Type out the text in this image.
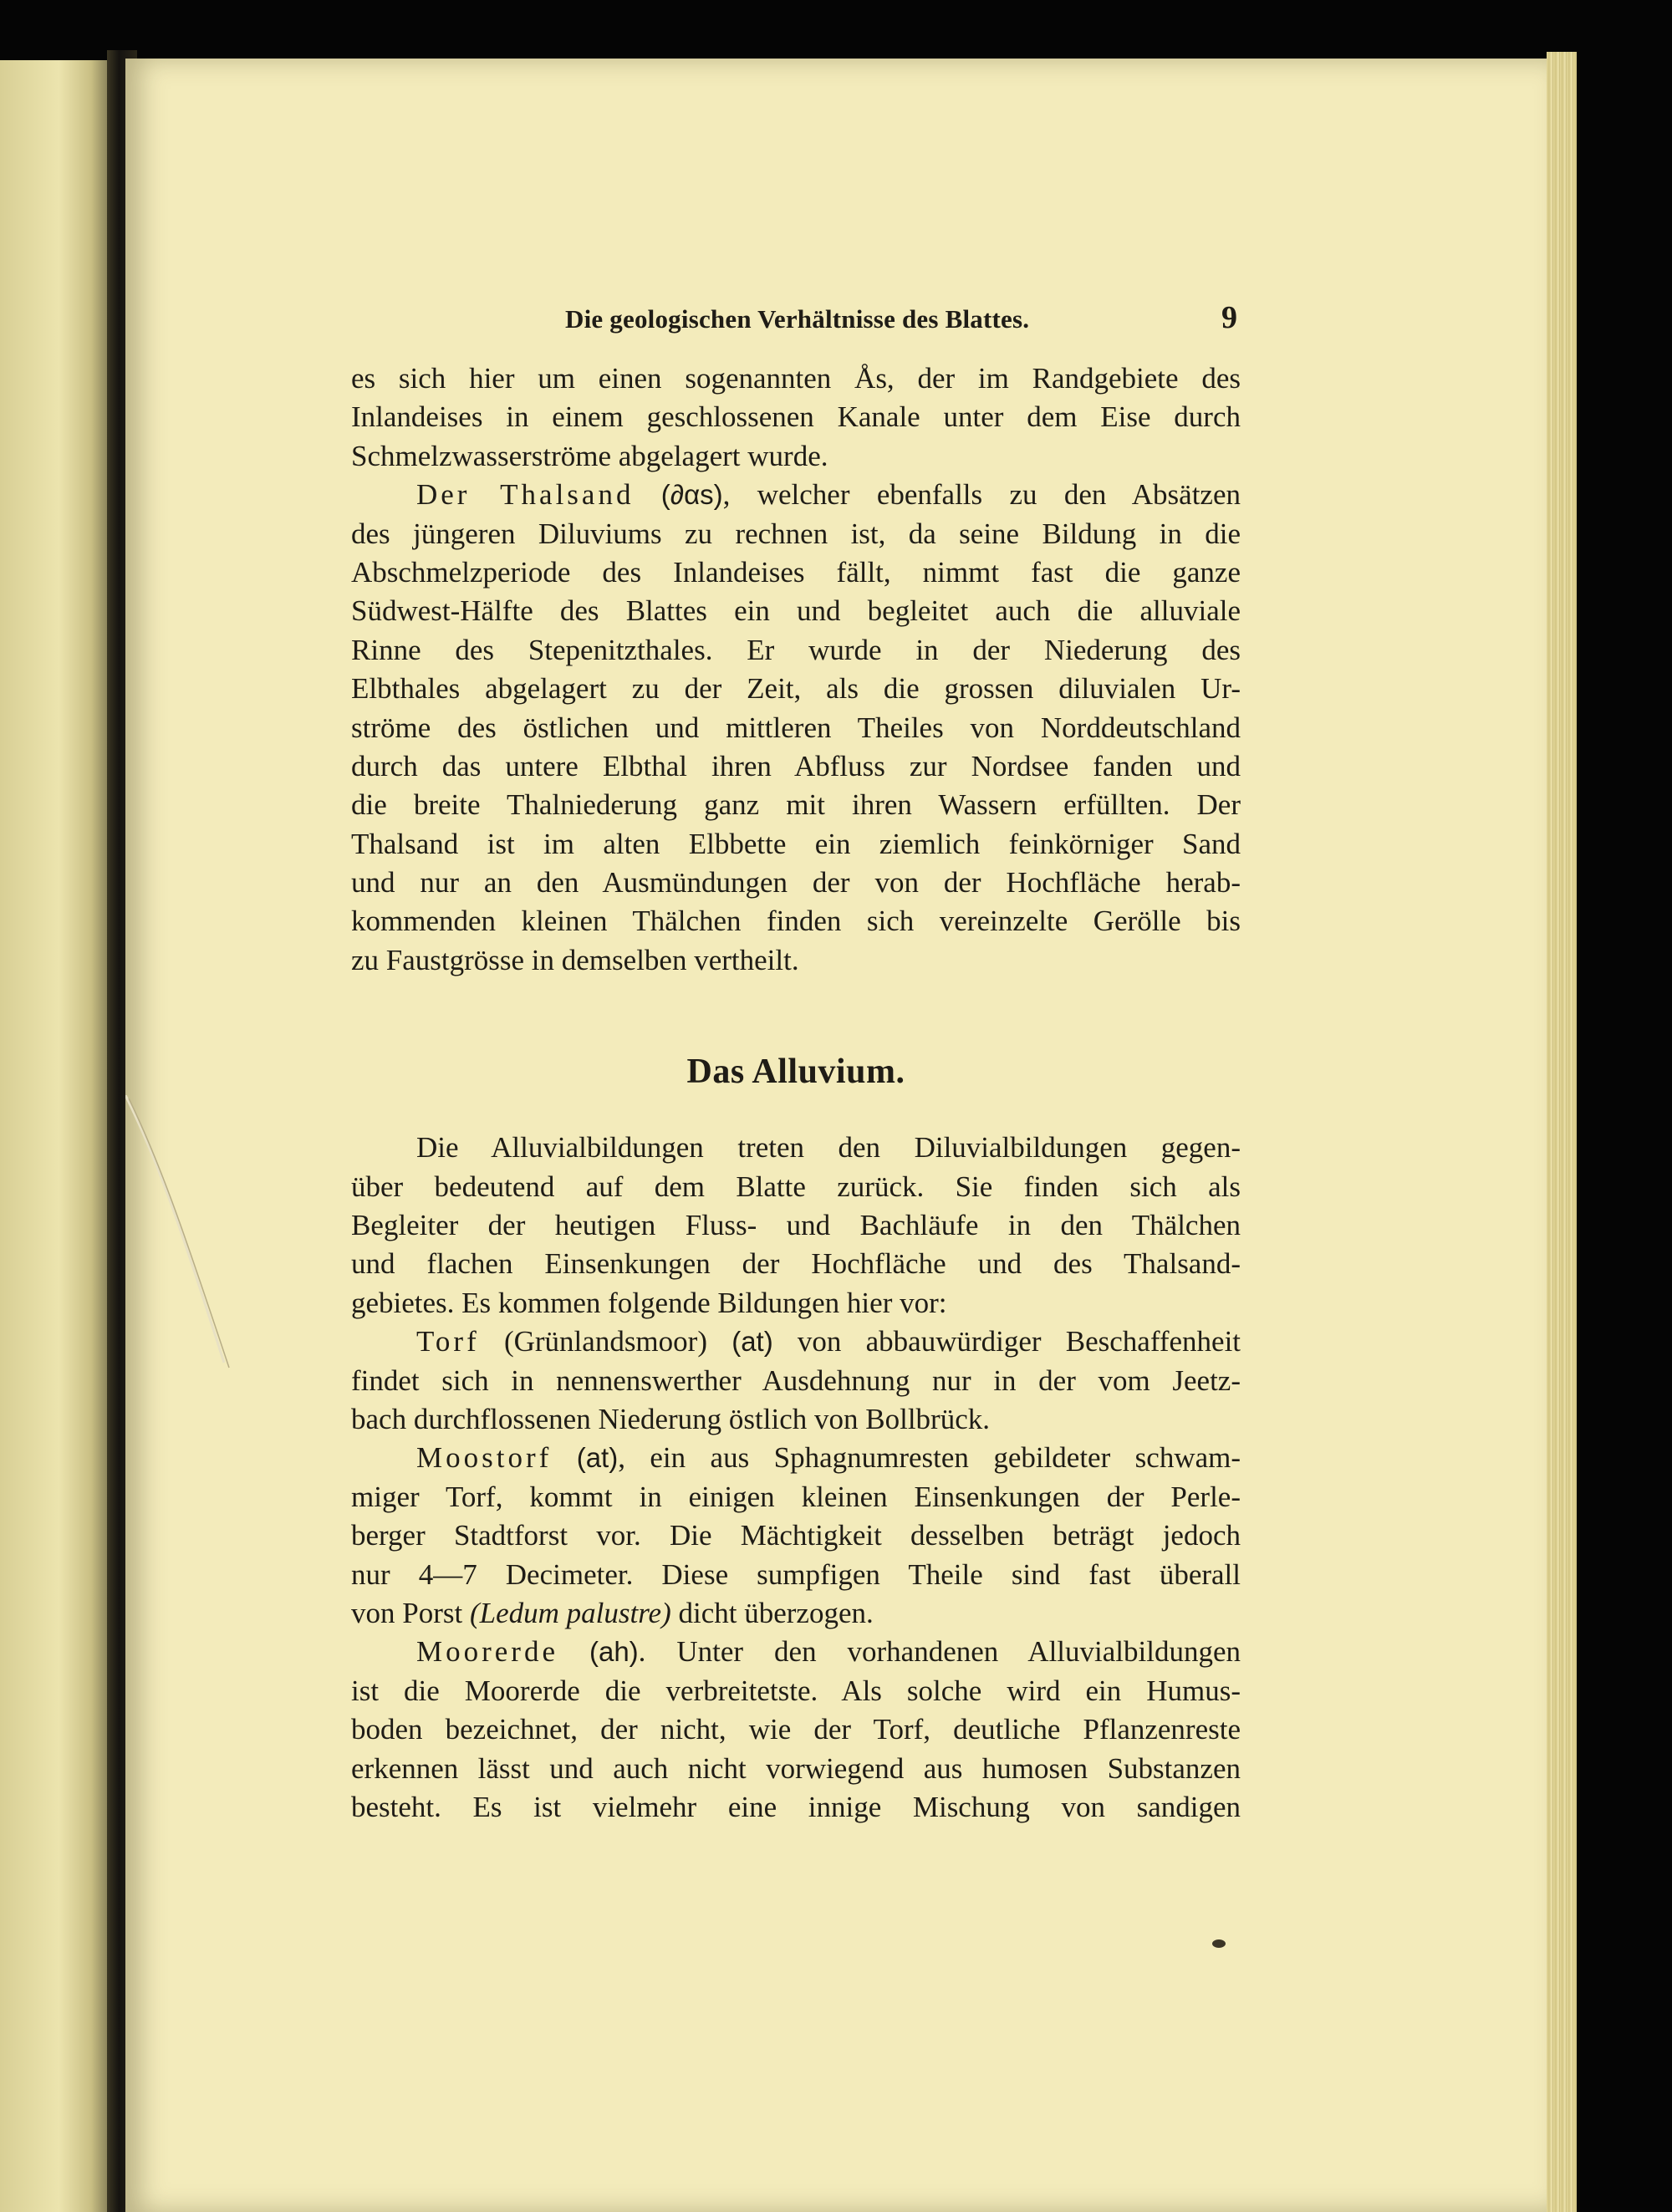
Die geologischen Verhältnisse des Blattes.	9
es sich hier um einen sogenannten Ås, der im Randgebiete des
Inlandeises in einem geschlossenen Kanale unter dem Eise durch
Schmelzwasserströme abgelagert wurde.
Der Thalsand (∂αs), welcher ebenfalls zu den Absätzen
des jüngeren Diluviums zu rechnen ist, da seine Bildung in die
Abschmelzperiode des Inlandeises fällt, nimmt fast die ganze
Südwest-Hälfte des Blattes ein und begleitet auch die alluviale
Rinne des Stepenitzthales. Er wurde in der Niederung des
Elbthales abgelagert zu der Zeit, als die grossen diluvialen Ur-
ströme des östlichen und mittleren Theiles von Norddeutschland
durch das untere Elbthal ihren Abfluss zur Nordsee fanden und
die breite Thalniederung ganz mit ihren Wassern erfüllten. Der
Thalsand ist im alten Elbbette ein ziemlich feinkörniger Sand
und nur an den Ausmündungen der von der Hochfläche herab-
kommenden kleinen Thälchen finden sich vereinzelte Gerölle bis
zu Faustgrösse in demselben vertheilt.
Das Alluvium.
Die Alluvialbildungen treten den Diluvialbildungen gegen-
über bedeutend auf dem Blatte zurück. Sie finden sich als
Begleiter der heutigen Fluss- und Bachläufe in den Thälchen
und flachen Einsenkungen der Hochfläche und des Thalsand-
gebietes. Es kommen folgende Bildungen hier vor:
Torf (Grünlandsmoor) (at) von abbauwürdiger Beschaffenheit
findet sich in nennenswerther Ausdehnung nur in der vom Jeetz-
bach durchflossenen Niederung östlich von Bollbrück.
Moostorf (at), ein aus Sphagnumresten gebildeter schwam-
miger Torf, kommt in einigen kleinen Einsenkungen der Perle-
berger Stadtforst vor. Die Mächtigkeit desselben beträgt jedoch
nur 4—7 Decimeter. Diese sumpfigen Theile sind fast überall
von Porst (Ledum palustre) dicht überzogen.
Moorerde (ah). Unter den vorhandenen Alluvialbildungen
ist die Moorerde die verbreitetste. Als solche wird ein Humus-
boden bezeichnet, der nicht, wie der Torf, deutliche Pflanzenreste
erkennen lässt und auch nicht vorwiegend aus humosen Substanzen
besteht. Es ist vielmehr eine innige Mischung von sandigen
